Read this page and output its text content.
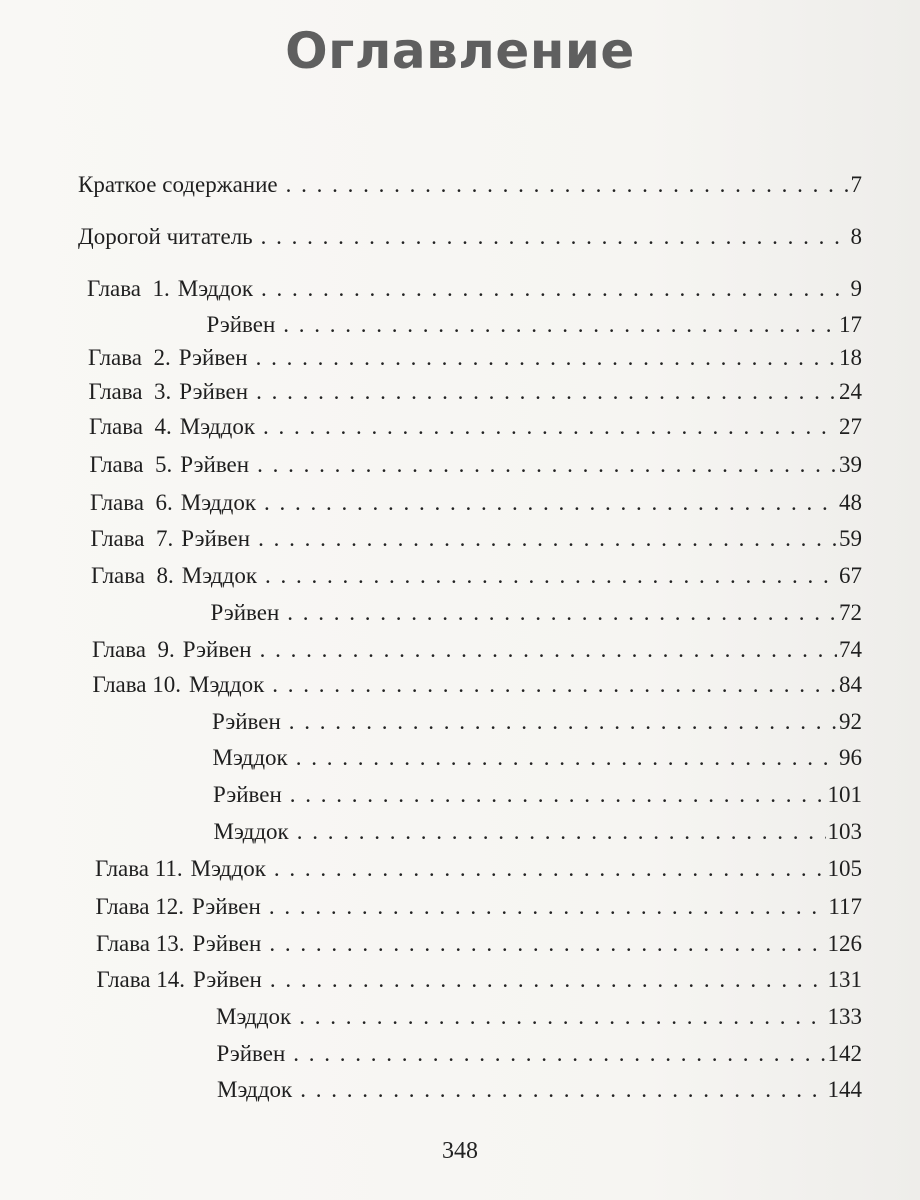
Оглавление
Краткое содержание . . .	7
Дорогой читатель . . .	8
Глава  1. Мэддок . . .	9
Рэйвен . . .	17
Глава  2. Рэйвен . . .	18
Глава  3. Рэйвен . . .	24
Глава  4. Мэддок . . .	27
Глава  5. Рэйвен . . .	39
Глава  6. Мэддок . . .	48
Глава  7. Рэйвен . . .	59
Глава  8. Мэддок . . .	67
Рэйвен . . .	72
Глава  9. Рэйвен . . .	74
Глава 10. Мэддок . . .	84
Рэйвен . . .	92
Мэддок . . .	96
Рэйвен . . .	101
Мэддок . . .	103
Глава 11. Мэддок . . .	105
Глава 12. Рэйвен . . .	117
Глава 13. Рэйвен . . .	126
Глава 14. Рэйвен . . .	131
Мэддок . . .	133
Рэйвен . . .	142
Мэддок . . .	144
348
